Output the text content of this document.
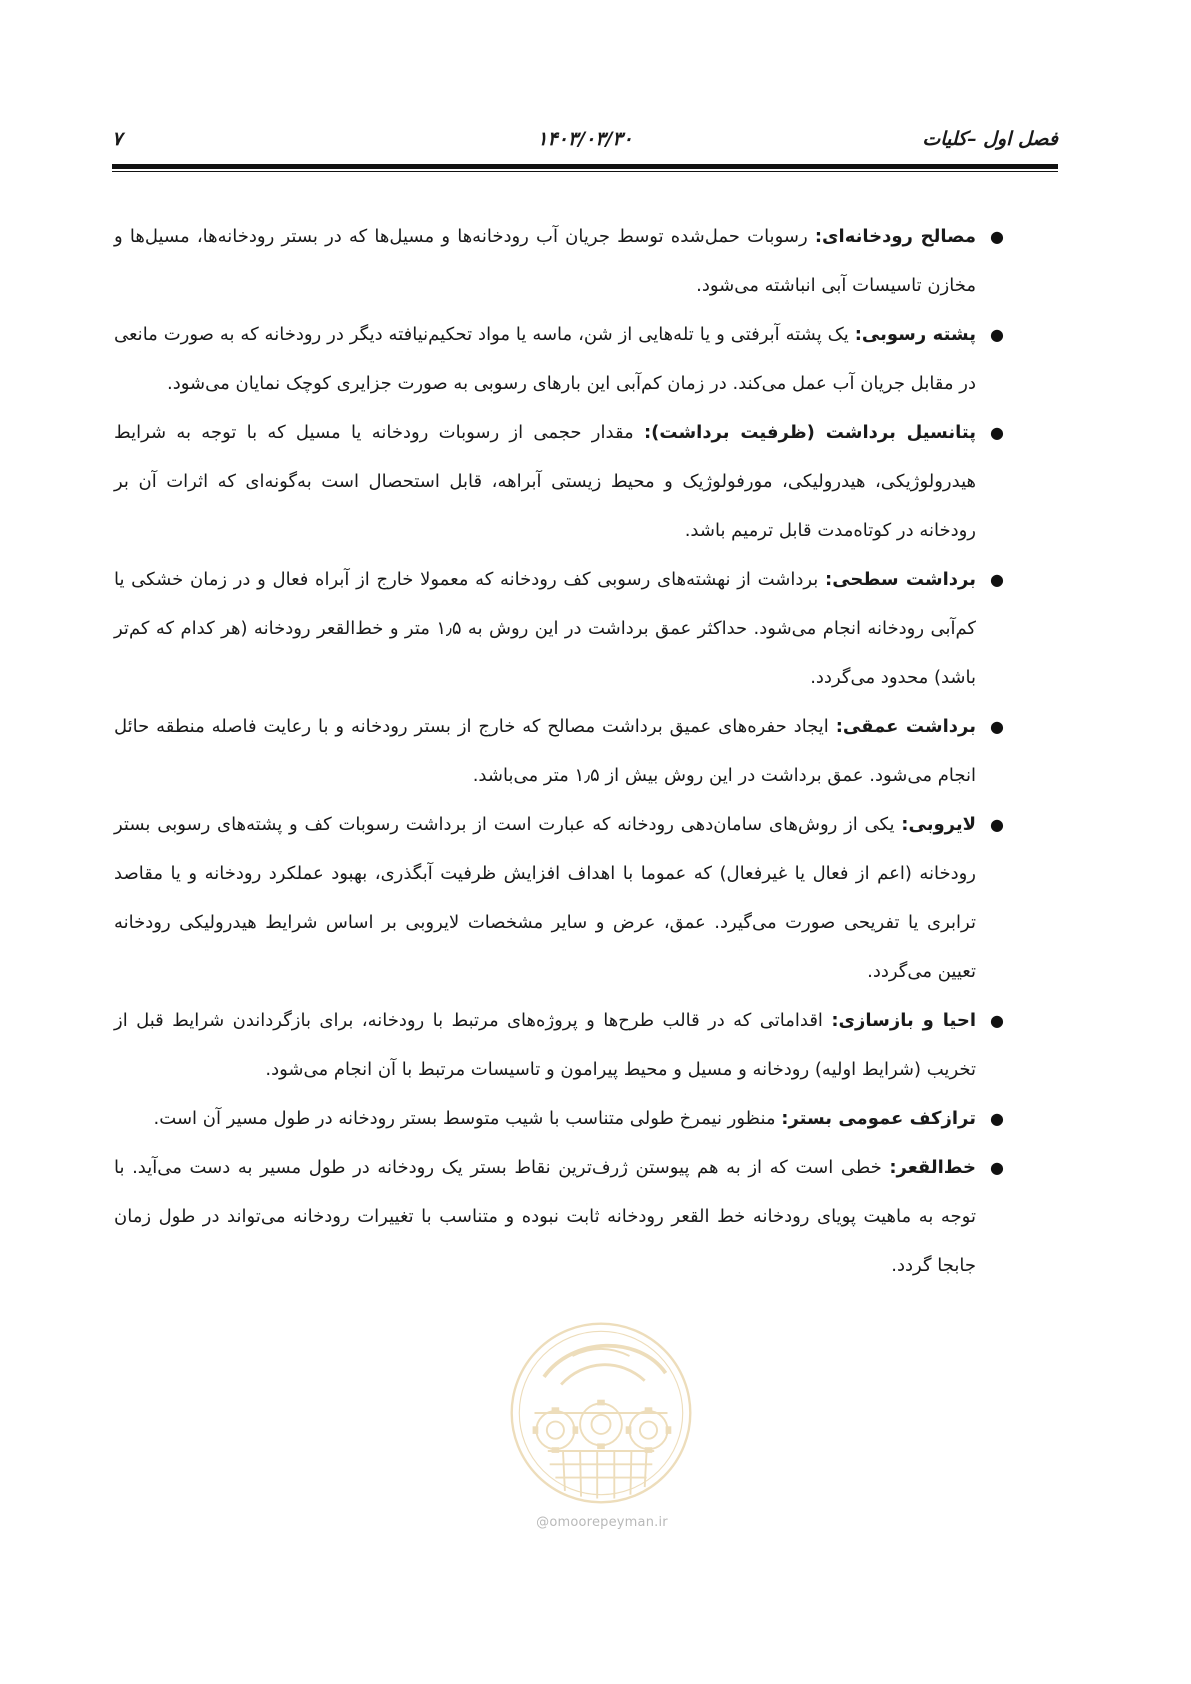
فصل اول –کلیات
۱۴۰۳/۰۳/۳۰
۷
●
مصالح رودخانه‌ای: رسوبات حمل‌شده توسط جریان آب رودخانه‌ها و مسیل‌ها که در بستر رودخانه‌ها، مسیل‌ها و مخازن تاسیسات آبی انباشته می‌شود.
●
پشته رسوبی: یک پشته آبرفتی و یا تله‌هایی از شن، ماسه یا مواد تحکیم‌نیافته دیگر در رودخانه که به صورت مانعی در مقابل جریان آب عمل می‌کند. در زمان کم‌آبی این بارهای رسوبی به صورت جزایری کوچک نمایان می‌شود.
●
پتانسیل برداشت (ظرفیت برداشت): مقدار حجمی از رسوبات رودخانه یا مسیل که با توجه به شرایط هیدرولوژیکی، هیدرولیکی، مورفولوژیک و محیط زیستی آبراهه، قابل استحصال است به‌گونه‌ای که اثرات آن بر رودخانه در کوتاه‌مدت قابل ترمیم باشد.
●
برداشت سطحی: برداشت از نهشته‌های رسوبی کف رودخانه که معمولا خارج از آبراه فعال و در زمان خشکی یا کم‌آبی رودخانه انجام می‌شود. حداکثر عمق برداشت در این روش به ۱٫۵ متر و خط‌القعر رودخانه (هر کدام که کم‌تر باشد) محدود می‌گردد.
●
برداشت عمقی: ایجاد حفره‌های عمیق برداشت مصالح که خارج از بستر رودخانه و با رعایت فاصله منطقه حائل انجام می‌شود. عمق برداشت در این روش بیش از ۱٫۵ متر می‌باشد.
●
لایروبی: یکی از روش‌های سامان‌دهی رودخانه که عبارت است از برداشت رسوبات کف و پشته‌های رسوبی بستر رودخانه (اعم از فعال یا غیرفعال) که عموما با اهداف افزایش ظرفیت آبگذری، بهبود عملکرد رودخانه و یا مقاصد ترابری یا تفریحی صورت می‌گیرد. عمق، عرض و سایر مشخصات لایروبی بر اساس شرایط هیدرولیکی رودخانه تعیین می‌گردد.
●
احیا و بازسازی: اقداماتی که در قالب طرح‌ها و پروژه‌های مرتبط با رودخانه، برای بازگرداندن شرایط قبل از تخریب (شرایط اولیه) رودخانه و مسیل و محیط پیرامون و تاسیسات مرتبط با آن انجام می‌شود.
●
ترازکف عمومی بستر: منظور نیمرخ طولی متناسب با شیب متوسط بستر رودخانه در طول مسیر آن است.
●
خط‌القعر: خطی است که از به هم پیوستن ژرف‌ترین نقاط بستر یک رودخانه در طول مسیر به دست می‌آید. با توجه به ماهیت پویای رودخانه خط القعر رودخانه ثابت نبوده و متناسب با تغییرات رودخانه می‌تواند در طول زمان جابجا گردد.
@omoorepeyman.ir
